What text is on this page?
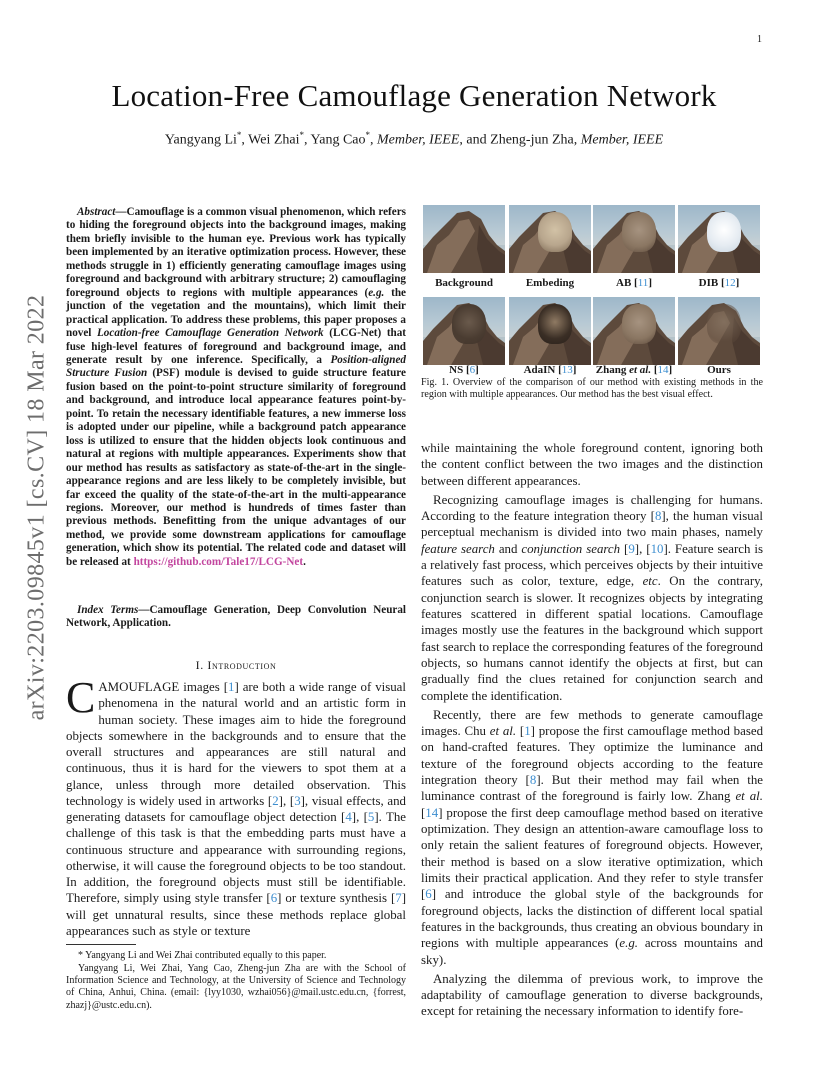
1
arXiv:2203.09845v1 [cs.CV] 18 Mar 2022
Location-Free Camouflage Generation Network
Yangyang Li*, Wei Zhai*, Yang Cao*, Member, IEEE, and Zheng-jun Zha, Member, IEEE

Abstract—Camouflage is a common visual phenomenon, which refers to hiding the foreground objects into the background images, making them briefly invisible to the human eye. Previous work has typically been implemented by an iterative optimization process. However, these methods struggle in 1) efficiently generating camouflage images using foreground and background with arbitrary structure; 2) camouflaging foreground objects to regions with multiple appearances (e.g. the junction of the vegetation and the mountains), which limit their practical application. To address these problems, this paper proposes a novel Location-free Camouflage Generation Network (LCG-Net) that fuse high-level features of foreground and background image, and generate result by one inference. Specifically, a Position-aligned Structure Fusion (PSF) module is devised to guide structure feature fusion based on the point-to-point structure similarity of foreground and background, and introduce local appearance features point-by-point. To retain the necessary identifiable features, a new immerse loss is adopted under our pipeline, while a background patch appearance loss is utilized to ensure that the hidden objects look continuous and natural at regions with multiple appearances. Experiments show that our method has results as satisfactory as state-of-the-art in the single-appearance regions and are less likely to be completely invisible, but far exceed the quality of the state-of-the-art in the multi-appearance regions. Moreover, our method is hundreds of times faster than previous methods. Benefitting from the unique advantages of our method, we provide some downstream applications for camouflage generation, which show its potential. The related code and dataset will be released at https://github.com/Tale17/LCG-Net.

Index Terms—Camouflage Generation, Deep Convolution Neural Network, Application.

I. Introduction

CAMOUFLAGE images [1] are both a wide range of visual phenomena in the natural world and an artistic form in human society. These images aim to hide the foreground objects somewhere in the backgrounds and to ensure that the overall structures and appearances are still natural and continuous, thus it is hard for the viewers to spot them at a glance, unless through more detailed observation. This technology is widely used in artworks [2], [3], visual effects, and generating datasets for camouflage object detection [4], [5]. The challenge of this task is that the embedding parts must have a continuous structure and appearance with surrounding regions, otherwise, it will cause the foreground objects to be too standout. In addition, the foreground objects must still be identifiable. Therefore, simply using style transfer [6] or texture synthesis [7] will get unnatural results, since these methods replace global appearances such as style or texture

* Yangyang Li and Wei Zhai contributed equally to this paper.

Yangyang Li, Wei Zhai, Yang Cao, Zheng-jun Zha are with the School of Information Science and Technology, at the University of Science and Technology of China, Anhui, China. (email: {lyy1030, wzhai056}@mail.ustc.edu.cn, {forrest, zhazj}@ustc.edu.cn).

Background	Embeding	AB [11]	DIB [12]
NS [6]	AdaIN [13]	Zhang et al. [14]	Ours

Fig. 1. Overview of the comparison of our method with existing methods in the region with multiple appearances. Our method has the best visual effect.

while maintaining the whole foreground content, ignoring both the content conflict between the two images and the distinction between different appearances.

Recognizing camouflage images is challenging for humans. According to the feature integration theory [8], the human visual perceptual mechanism is divided into two main phases, namely feature search and conjunction search [9], [10]. Feature search is a relatively fast process, which perceives objects by their intuitive features such as color, texture, edge, etc. On the contrary, conjunction search is slower. It recognizes objects by integrating features scattered in different spatial locations. Camouflage images mostly use the features in the background which support fast search to replace the corresponding features of the foreground objects, so humans cannot identify the objects at first, but can gradually find the clues retained for conjunction search and complete the identification.

Recently, there are few methods to generate camouflage images. Chu et al. [1] propose the first camouflage method based on hand-crafted features. They optimize the luminance and texture of the foreground objects according to the feature integration theory [8]. But their method may fail when the luminance contrast of the foreground is fairly low. Zhang et al. [14] propose the first deep camouflage method based on iterative optimization. They design an attention-aware camouflage loss to only retain the salient features of foreground objects. However, their method is based on a slow iterative optimization, which limits their practical application. And they refer to style transfer [6] and introduce the global style of the backgrounds for foreground objects, lacks the distinction of different local spatial features in the backgrounds, thus creating an obvious boundary in regions with multiple appearances (e.g. across mountains and sky).

Analyzing the dilemma of previous work, to improve the adaptability of camouflage generation to diverse backgrounds, except for retaining the necessary information to identify fore-
